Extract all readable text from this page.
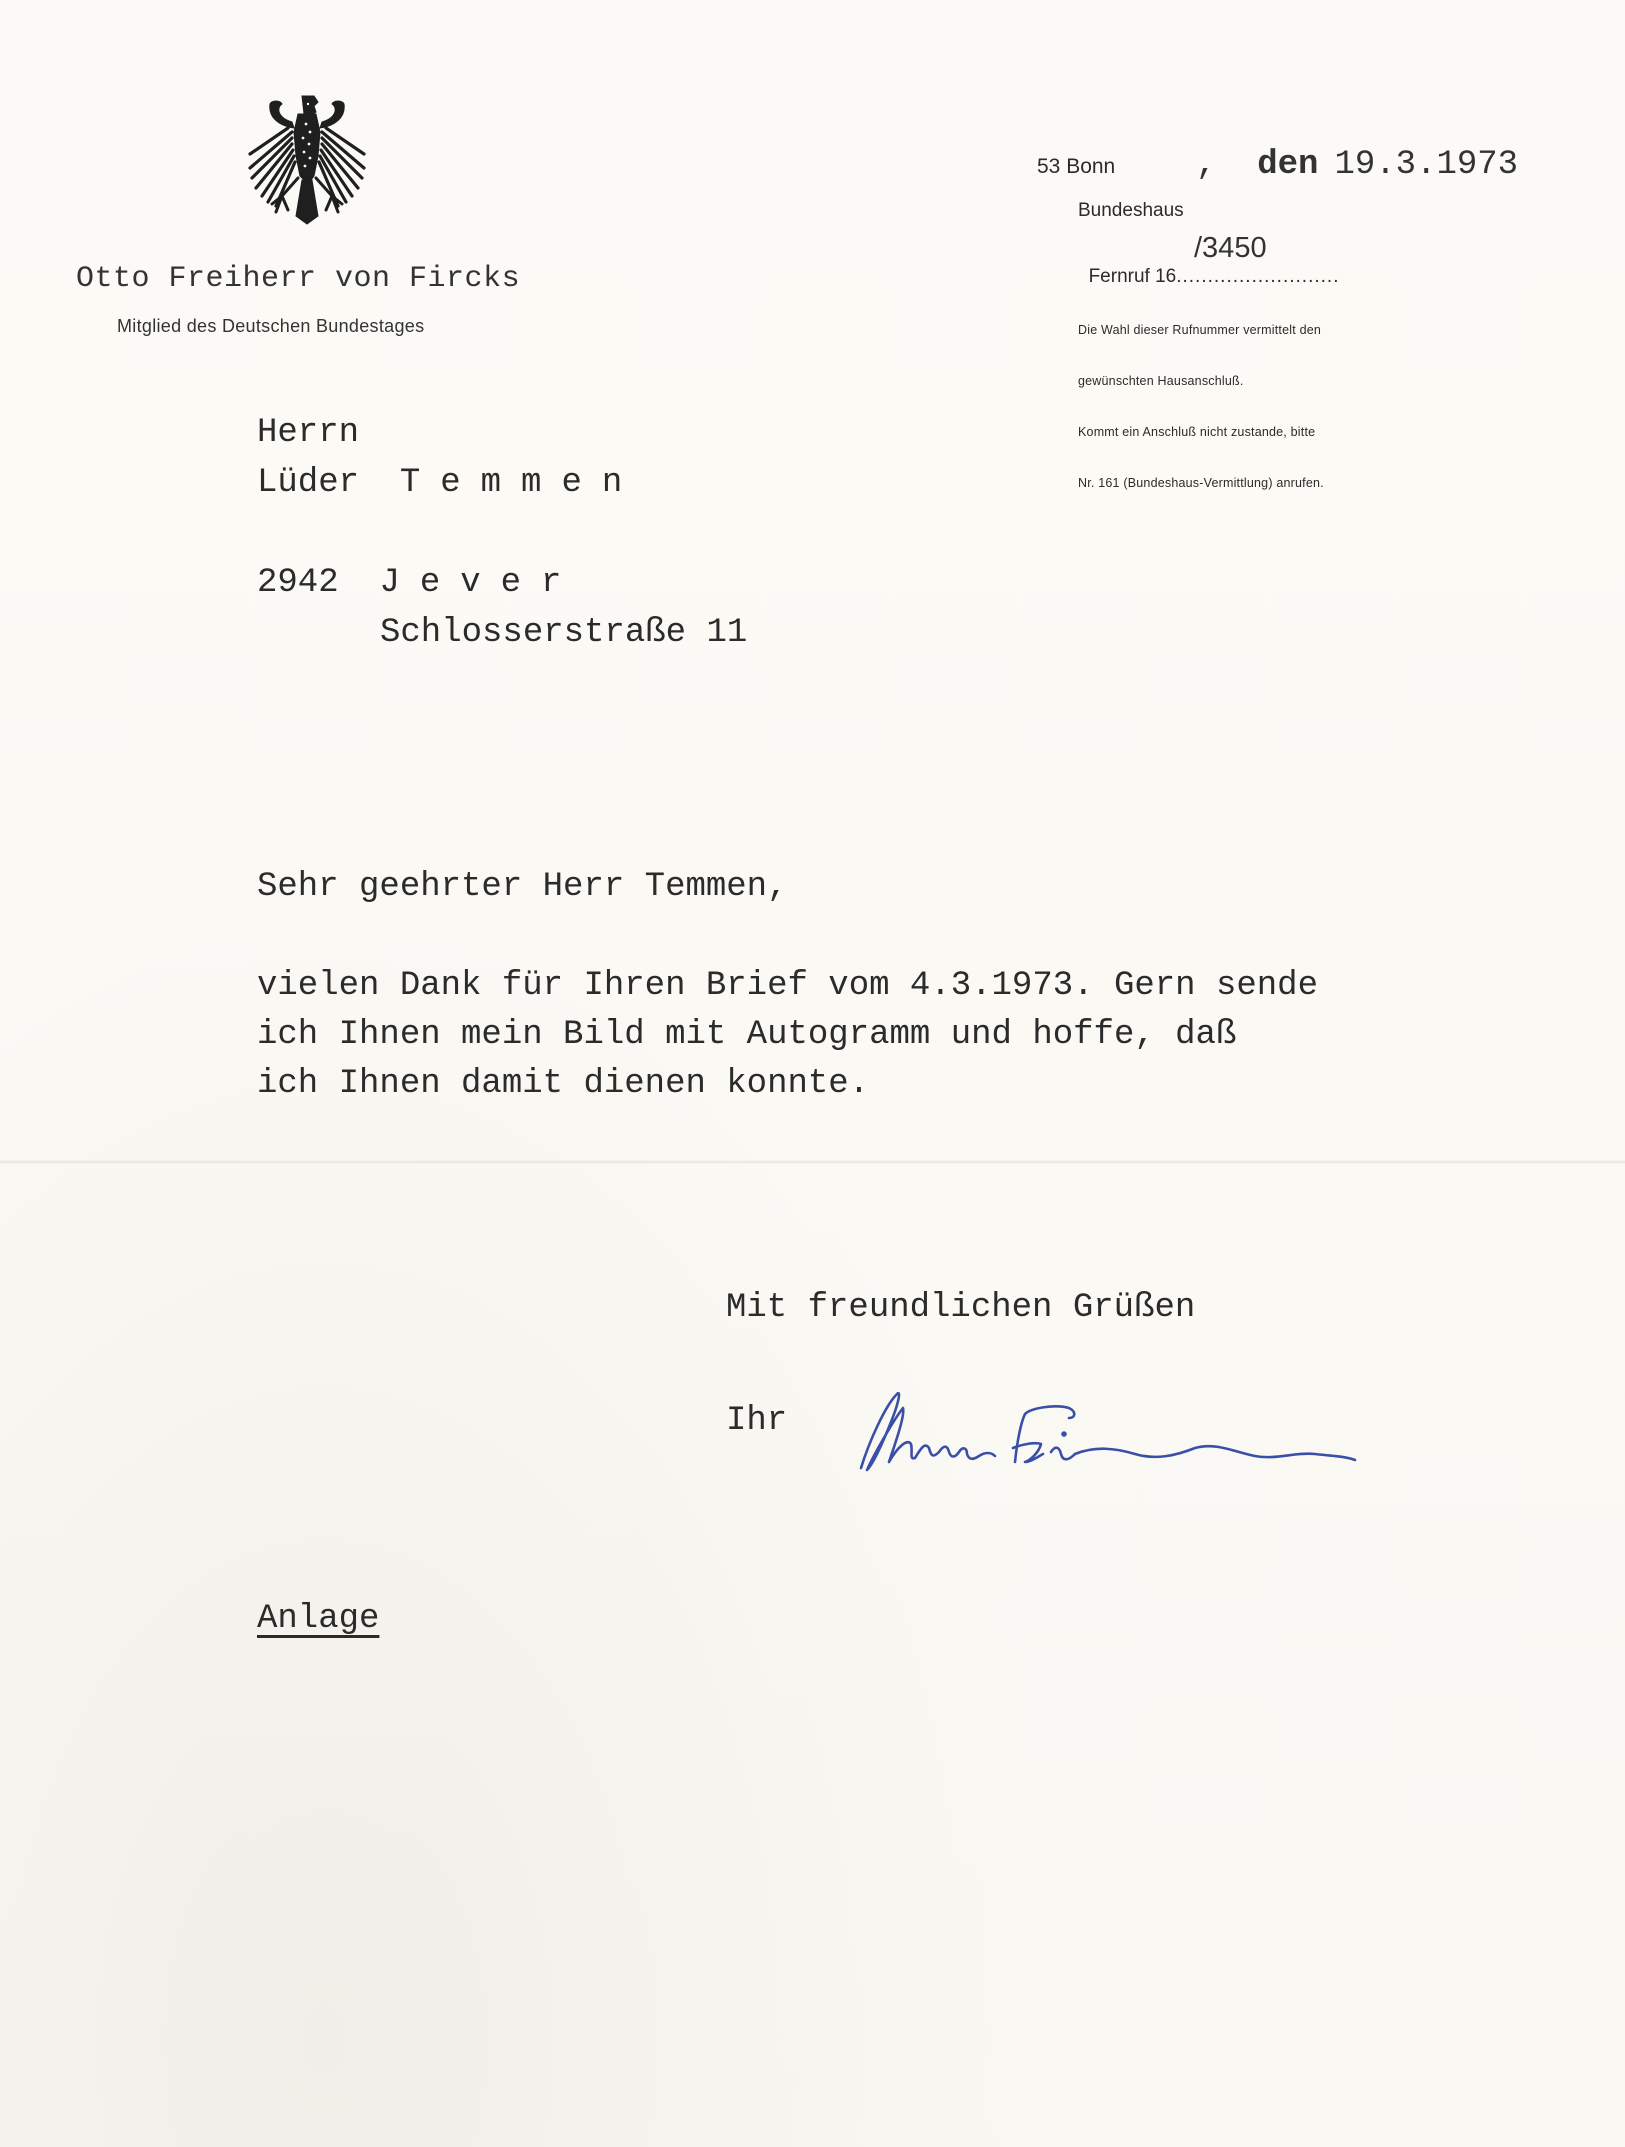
Otto Freiherr von Fircks
Mitglied des Deutschen Bundestages
53 Bonn , den 19.3.1973
Bundeshaus

Fernruf 16..........................

/3450

Die Wahl dieser Rufnummer vermittelt den

gewünschten Hausanschluß.

Kommt ein Anschluß nicht zustande, bitte

Nr. 161 (Bundeshaus-Vermittlung) anrufen.

Herrn
Lüder Temmen
2942 Jever
Schlosserstraße 11
Sehr geehrter Herr Temmen,
vielen Dank für Ihren Brief vom 4.3.1973. Gern sende
ich Ihnen mein Bild mit Autogramm und hoffe, daß
ich Ihnen damit dienen konnte.
Mit freundlichen Grüßen
Ihr
Anlage
